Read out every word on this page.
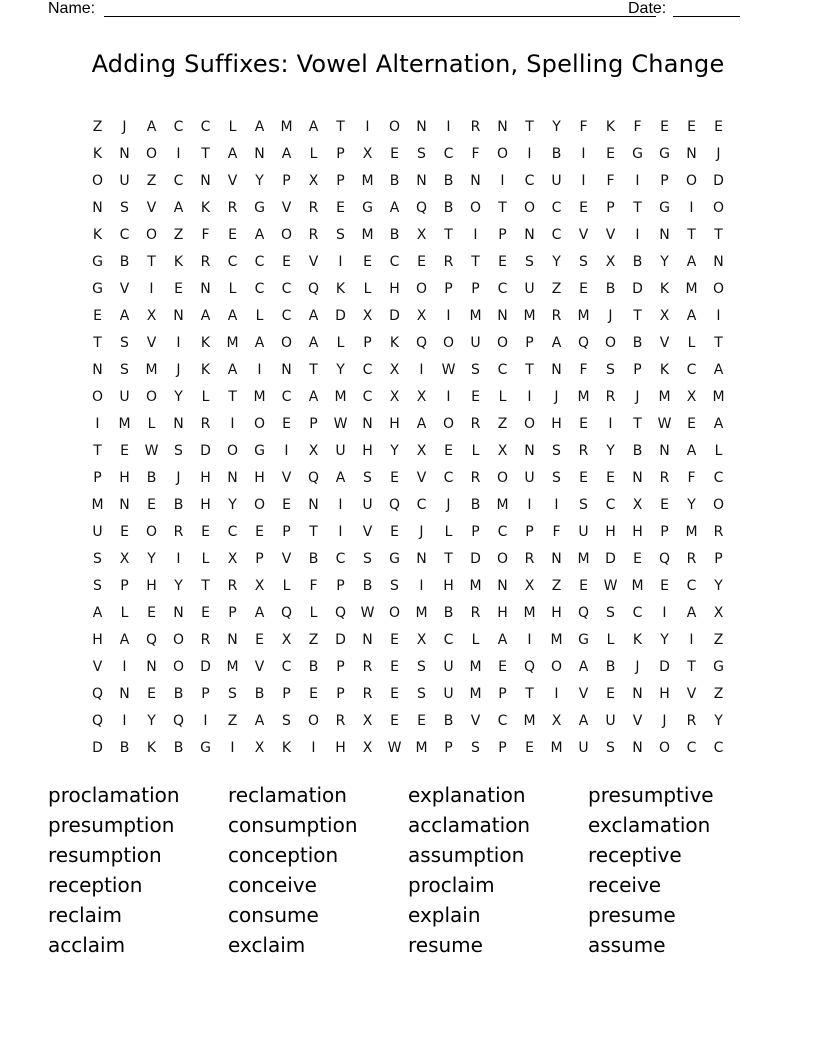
Name:	Date:
Adding Suffixes: Vowel Alternation, Spelling Change
Z	J	A	C	C	L	A	M	A	T	I	O	N	I	R	N	T	Y	F	K	F	E	E	E
K	N	O	I	T	A	N	A	L	P	X	E	S	C	F	O	I	B	I	E	G	G	N	J
O	U	Z	C	N	V	Y	P	X	P	M	B	N	B	N	I	C	U	I	F	I	P	O	D
N	S	V	A	K	R	G	V	R	E	G	A	Q	B	O	T	O	C	E	P	T	G	I	O
K	C	O	Z	F	E	A	O	R	S	M	B	X	T	I	P	N	C	V	V	I	N	T	T
G	B	T	K	R	C	C	E	V	I	E	C	E	R	T	E	S	Y	S	X	B	Y	A	N
G	V	I	E	N	L	C	C	Q	K	L	H	O	P	P	C	U	Z	E	B	D	K	M	O
E	A	X	N	A	A	L	C	A	D	X	D	X	I	M	N	M	R	M	J	T	X	A	I
T	S	V	I	K	M	A	O	A	L	P	K	Q	O	U	O	P	A	Q	O	B	V	L	T
N	S	M	J	K	A	I	N	T	Y	C	X	I	W	S	C	T	N	F	S	P	K	C	A
O	U	O	Y	L	T	M	C	A	M	C	X	X	I	E	L	I	J	M	R	J	M	X	M
I	M	L	N	R	I	O	E	P	W	N	H	A	O	R	Z	O	H	E	I	T	W	E	A
T	E	W	S	D	O	G	I	X	U	H	Y	X	E	L	X	N	S	R	Y	B	N	A	L
P	H	B	J	H	N	H	V	Q	A	S	E	V	C	R	O	U	S	E	E	N	R	F	C
M	N	E	B	H	Y	O	E	N	I	U	Q	C	J	B	M	I	I	S	C	X	E	Y	O
U	E	O	R	E	C	E	P	T	I	V	E	J	L	P	C	P	F	U	H	H	P	M	R
S	X	Y	I	L	X	P	V	B	C	S	G	N	T	D	O	R	N	M	D	E	Q	R	P
S	P	H	Y	T	R	X	L	F	P	B	S	I	H	M	N	X	Z	E	W	M	E	C	Y
A	L	E	N	E	P	A	Q	L	Q	W	O	M	B	R	H	M	H	Q	S	C	I	A	X
H	A	Q	O	R	N	E	X	Z	D	N	E	X	C	L	A	I	M	G	L	K	Y	I	Z
V	I	N	O	D	M	V	C	B	P	R	E	S	U	M	E	Q	O	A	B	J	D	T	G
Q	N	E	B	P	S	B	P	E	P	R	E	S	U	M	P	T	I	V	E	N	H	V	Z
Q	I	Y	Q	I	Z	A	S	O	R	X	E	E	B	V	C	M	X	A	U	V	J	R	Y
D	B	K	B	G	I	X	K	I	H	X	W	M	P	S	P	E	M	U	S	N	O	C	C
proclamation	reclamation	explanation	presumptive
presumption	consumption	acclamation	exclamation
resumption	conception	assumption	receptive
reception	conceive	proclaim	receive
reclaim	consume	explain	presume
acclaim	exclaim	resume	assume
